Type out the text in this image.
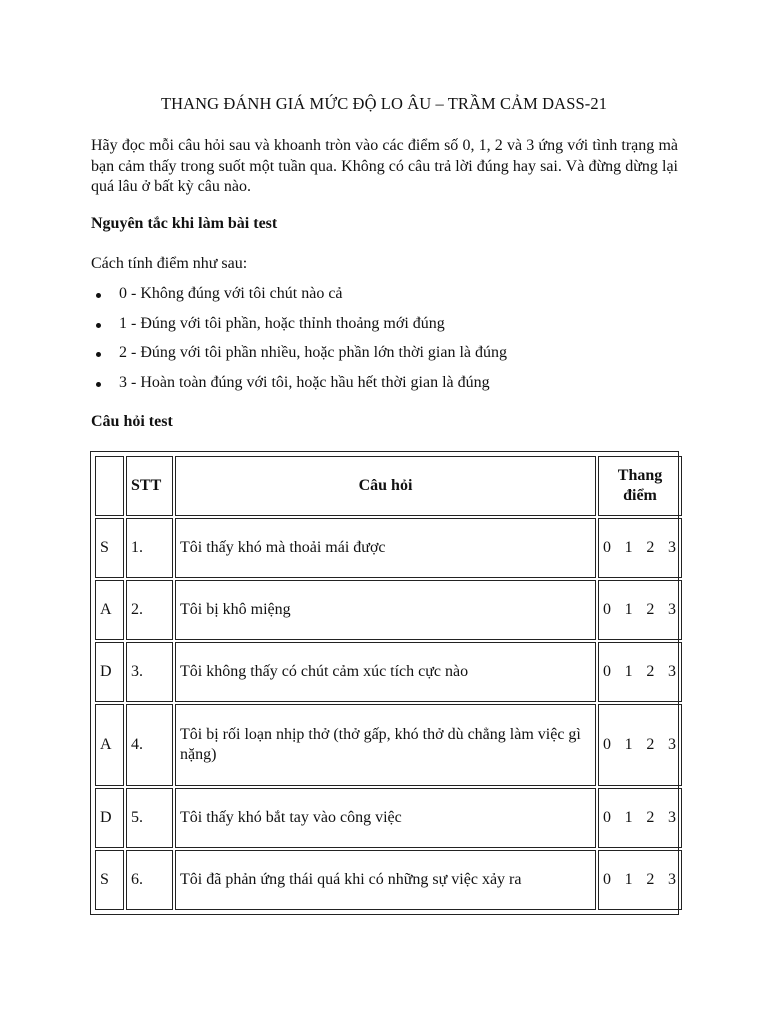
THANG ĐÁNH GIÁ MỨC ĐỘ LO ÂU – TRẦM CẢM DASS-21

Hãy đọc mỗi câu hỏi sau và khoanh tròn vào các điểm số 0, 1, 2 và 3 ứng với tình trạng mà bạn cảm thấy trong suốt một tuần qua. Không có câu trả lời đúng hay sai. Và đừng dừng lại quá lâu ở bất kỳ câu nào.

Nguyên tắc khi làm bài test
Cách tính điểm như sau:
0 - Không đúng với tôi chút nào cả
1 - Đúng với tôi phần, hoặc thỉnh thoảng mới đúng
2 - Đúng với tôi phần nhiều, hoặc phần lớn thời gian là đúng
3 - Hoàn toàn đúng với tôi, hoặc hầu hết thời gian là đúng
Câu hỏi test
	STT	Câu hỏi	Thang điểm
S	1.	Tôi thấy khó mà thoải mái được	0 1 2 3

A	2.	Tôi bị khô miệng	0 1 2 3

D	3.	Tôi không thấy có chút cảm xúc tích cực nào	0 1 2 3

A	4.	Tôi bị rối loạn nhịp thở (thở gấp, khó thở dù chẳng làm việc gì nặng)	0 1 2 3

D	5.	Tôi thấy khó bắt tay vào công việc	0 1 2 3

S	6.	Tôi đã phản ứng thái quá khi có những sự việc xảy ra	0 1 2 3
